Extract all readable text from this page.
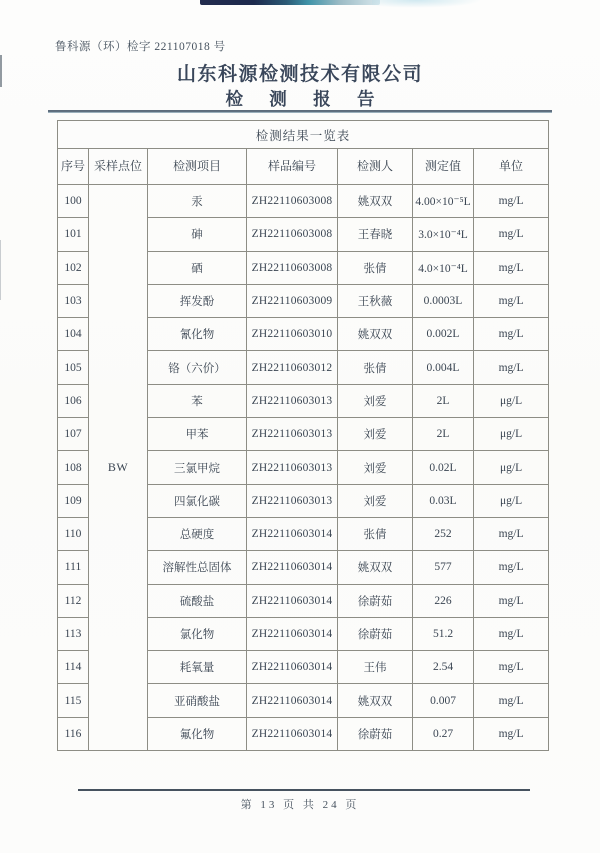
鲁科源（环）检字 221107018 号
山东科源检测技术有限公司
检 测 报 告
检测结果一览表						
序号	采样点位	检测项目	样品编号	检测人	测定值	单位
100	BW	汞	ZH22110603008	姚双双	4.00×10⁻⁵L	mg/L
101		砷	ZH22110603008	王春晓	3.0×10⁻⁴L	mg/L
102		硒	ZH22110603008	张倩	4.0×10⁻⁴L	mg/L
103		挥发酚	ZH22110603009	王秋薇	0.0003L	mg/L
104		氰化物	ZH22110603010	姚双双	0.002L	mg/L
105		铬（六价）	ZH22110603012	张倩	0.004L	mg/L
106		苯	ZH22110603013	刘爱	2L	μg/L
107		甲苯	ZH22110603013	刘爱	2L	μg/L
108		三氯甲烷	ZH22110603013	刘爱	0.02L	μg/L
109		四氯化碳	ZH22110603013	刘爱	0.03L	μg/L
110		总硬度	ZH22110603014	张倩	252	mg/L
111		溶解性总固体	ZH22110603014	姚双双	577	mg/L
112		硫酸盐	ZH22110603014	徐蔚茹	226	mg/L
113		氯化物	ZH22110603014	徐蔚茹	51.2	mg/L
114		耗氧量	ZH22110603014	王伟	2.54	mg/L
115		亚硝酸盐	ZH22110603014	姚双双	0.007	mg/L
116		氟化物	ZH22110603014	徐蔚茹	0.27	mg/L
第 13 页 共 24 页
